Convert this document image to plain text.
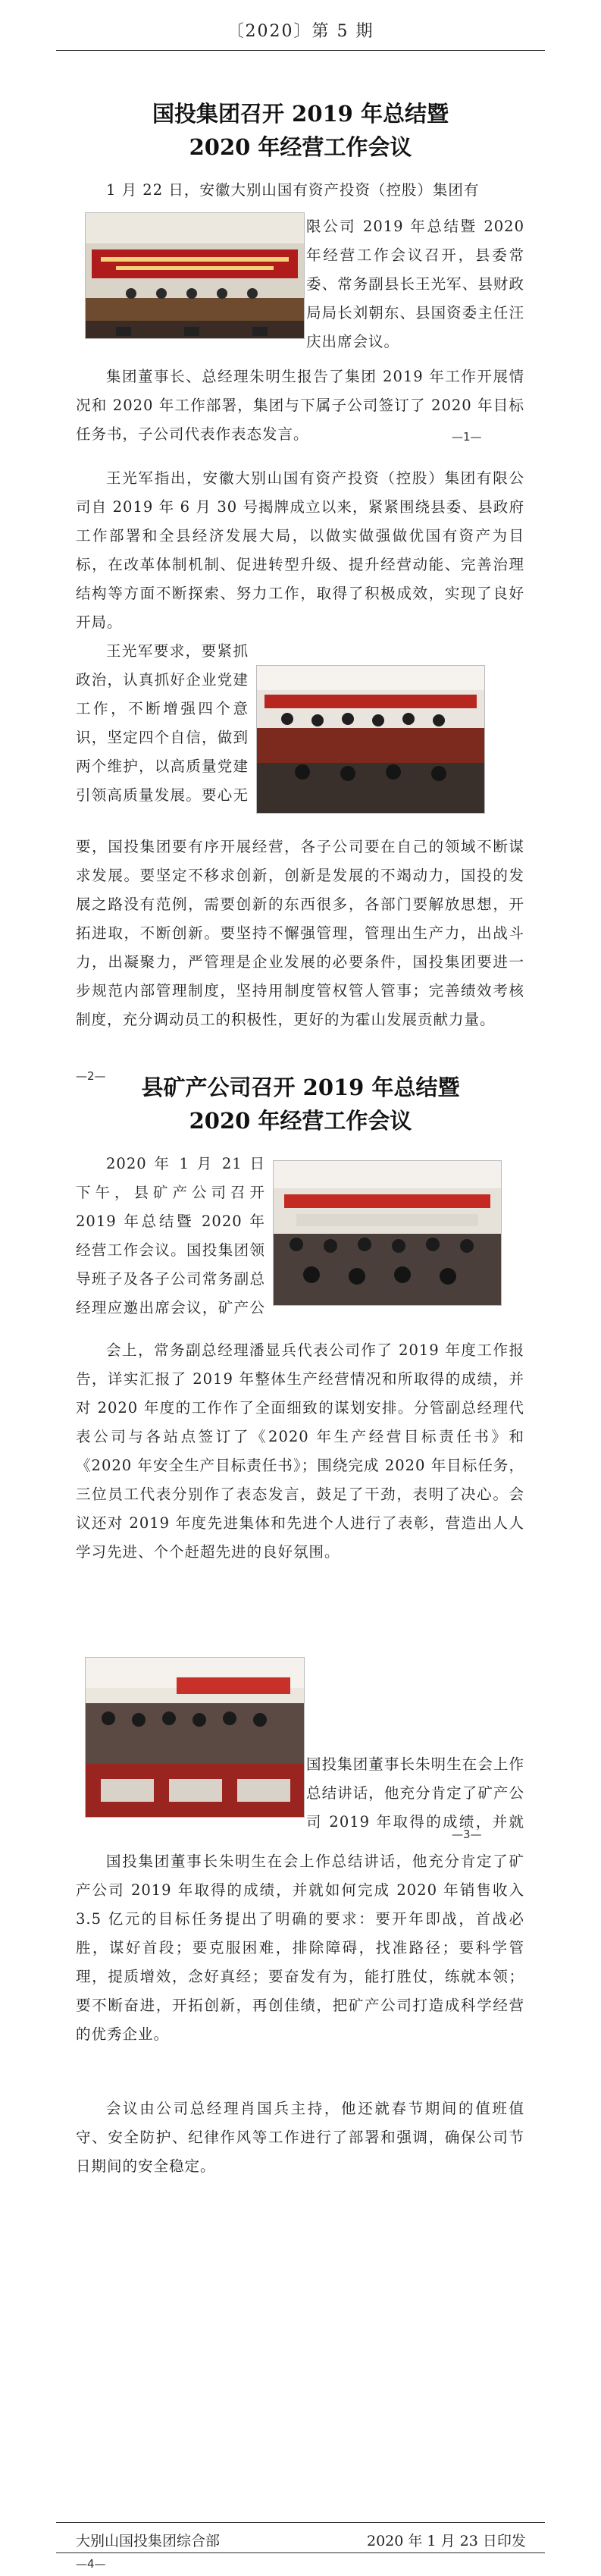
〔2020〕第 5 期
国投集团召开 2019 年总结暨
2020 年经营工作会议

1 月 22 日，安徽大别山国有资产投资（控股）集团有

限公司 2019 年总结暨 2020 年经营工作会议召开，县委常委、常务副县长王光军、县财政局局长刘朝东、县国资委主任汪庆出席会议。

集团董事长、总经理朱明生报告了集团 2019 年工作开展情况和 2020 年工作部署，集团与下属子公司签订了 2020 年目标任务书，子公司代表作表态发言。	—1—

王光军指出，安徽大别山国有资产投资（控股）集团有限公司自 2019 年 6 月 30 号揭牌成立以来，紧紧围绕县委、县政府工作部署和全县经济发展大局，以做实做强做优国有资产为目标，在改革体制机制、促进转型升级、提升经营动能、完善治理结构等方面不断探索、努力工作，取得了积极成效，实现了良好开局。

王光军要求，要紧抓政治，认真抓好企业党建工作，不断增强四个意识，坚定四个自信，做到两个维护，以高质量党建引领高质量发展。要心无

要，国投集团要有序开展经营，各子公司要在自己的领域不断谋求发展。要坚定不移求创新，创新是发展的不竭动力，国投的发展之路没有范例，需要创新的东西很多，各部门要解放思想，开拓进取，不断创新。要坚持不懈强管理，管理出生产力，出战斗力，出凝聚力，严管理是企业发展的必要条件，国投集团要进一步规范内部管理制度，坚持用制度管权管人管事；完善绩效考核制度，充分调动员工的积极性，更好的为霍山发展贡献力量。

—2—	县矿产公司召开 2019 年总结暨
2020 年经营工作会议

2020 年 1 月 21 日下午，县矿产公司召开 2019 年总结暨 2020 年经营工作会议。国投集团领导班子及各子公司常务副总经理应邀出席会议，矿产公

会上，常务副总经理潘显兵代表公司作了 2019 年度工作报告，详实汇报了 2019 年整体生产经营情况和所取得的成绩，并对 2020 年度的工作作了全面细致的谋划安排。分管副总经理代表公司与各站点签订了《2020 年生产经营目标责任书》和《2020 年安全生产目标责任书》；围绕完成 2020 年目标任务，三位员工代表分别作了表态发言，鼓足了干劲，表明了决心。会议还对 2019 年度先进集体和先进个人进行了表彰，营造出人人学习先进、个个赶超先进的良好氛围。

国投集团董事长朱明生在会上作总结讲话，他充分肯定了矿产公司 2019 年取得的成绩，并就

—3—

国投集团董事长朱明生在会上作总结讲话，他充分肯定了矿产公司 2019 年取得的成绩，并就如何完成 2020 年销售收入 3.5 亿元的目标任务提出了明确的要求：要开年即战，首战必胜，谋好首段；要克服困难，排除障碍，找准路径；要科学管理，提质增效，念好真经；要奋发有为，能打胜仗，练就本领；要不断奋进，开拓创新，再创佳绩，把矿产公司打造成科学经营的优秀企业。

会议由公司总经理肖国兵主持，他还就春节期间的值班值守、安全防护、纪律作风等工作进行了部署和强调，确保公司节日期间的安全稳定。

大别山国投集团综合部	2020 年 1 月 23 日印发
—4—
